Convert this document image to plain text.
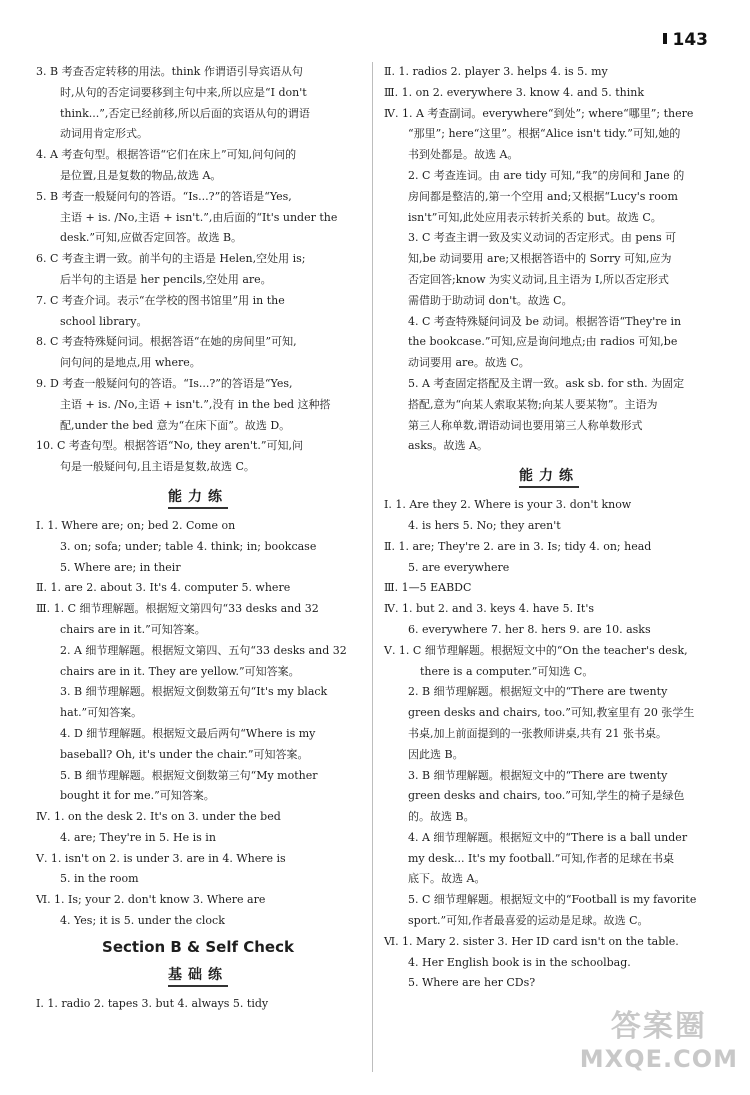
143
3. B 考查否定转移的用法。think 作谓语引导宾语从句
时,从句的否定词要移到主句中来,所以应是“I don't
think...”,否定已经前移,所以后面的宾语从句的谓语
动词用肯定形式。
4. A 考查句型。根据答语“它们在床上”可知,问句问的
是位置,且是复数的物品,故选 A。
5. B 考查一般疑问句的答语。“Is...?”的答语是“Yes,
主语 + is. /No,主语 + isn't.”,由后面的“It's under the
desk.”可知,应做否定回答。故选 B。
6. C 考查主谓一致。前半句的主语是 Helen,空处用 is;
后半句的主语是 her pencils,空处用 are。
7. C 考查介词。表示“在学校的图书馆里”用 in the
school library。
8. C 考查特殊疑问词。根据答语“在她的房间里”可知,
问句问的是地点,用 where。
9. D 考查一般疑问句的答语。“Is...?”的答语是“Yes,
主语 + is. /No,主语 + isn't.”,没有 in the bed 这种搭
配,under the bed 意为“在床下面”。故选 D。
10. C 考查句型。根据答语“No, they aren't.”可知,问
句是一般疑问句,且主语是复数,故选 C。
能力练
Ⅰ. 1. Where are; on; bed 2. Come on
3. on; sofa; under; table 4. think; in; bookcase
5. Where are; in their
Ⅱ. 1. are 2. about 3. It's 4. computer 5. where
Ⅲ. 1. C 细节理解题。根据短文第四句“33 desks and 32
chairs are in it.”可知答案。
2. A 细节理解题。根据短文第四、五句“33 desks and 32
chairs are in it. They are yellow.”可知答案。
3. B 细节理解题。根据短文倒数第五句“It's my black
hat.”可知答案。
4. D 细节理解题。根据短文最后两句“Where is my
baseball? Oh, it's under the chair.”可知答案。
5. B 细节理解题。根据短文倒数第三句“My mother
bought it for me.”可知答案。
Ⅳ. 1. on the desk 2. It's on 3. under the bed
4. are; They're in 5. He is in
Ⅴ. 1. isn't on 2. is under 3. are in 4. Where is
5. in the room
Ⅵ. 1. Is; your 2. don't know 3. Where are
4. Yes; it is 5. under the clock
Section B & Self Check
基础练
Ⅰ. 1. radio 2. tapes 3. but 4. always 5. tidy
Ⅱ. 1. radios 2. player 3. helps 4. is 5. my
Ⅲ. 1. on 2. everywhere 3. know 4. and 5. think
Ⅳ. 1. A 考查副词。everywhere“到处”; where“哪里”; there
“那里”; here“这里”。根据“Alice isn't tidy.”可知,她的
书到处都是。故选 A。
2. C 考查连词。由 are tidy 可知,“我”的房间和 Jane 的
房间都是整洁的,第一个空用 and;又根据“Lucy's room
isn't”可知,此处应用表示转折关系的 but。故选 C。
3. C 考查主谓一致及实义动词的否定形式。由 pens 可
知,be 动词要用 are;又根据答语中的 Sorry 可知,应为
否定回答;know 为实义动词,且主语为 I,所以否定形式
需借助于助动词 don't。故选 C。
4. C 考查特殊疑问词及 be 动词。根据答语“They're in
the bookcase.”可知,应是询问地点;由 radios 可知,be
动词要用 are。故选 C。
5. A 考查固定搭配及主谓一致。ask sb. for sth. 为固定
搭配,意为“向某人索取某物;向某人要某物”。主语为
第三人称单数,谓语动词也要用第三人称单数形式
asks。故选 A。
能力练
Ⅰ. 1. Are they 2. Where is your 3. don't know
4. is hers 5. No; they aren't
Ⅱ. 1. are; They're 2. are in 3. Is; tidy 4. on; head
5. are everywhere
Ⅲ. 1—5 EABDC
Ⅳ. 1. but 2. and 3. keys 4. have 5. It's
6. everywhere 7. her 8. hers 9. are 10. asks
Ⅴ. 1. C 细节理解题。根据短文中的“On the teacher's desk,
there is a computer.”可知选 C。
2. B 细节理解题。根据短文中的“There are twenty
green desks and chairs, too.”可知,教室里有 20 张学生
书桌,加上前面提到的一张教师讲桌,共有 21 张书桌。
因此选 B。
3. B 细节理解题。根据短文中的“There are twenty
green desks and chairs, too.”可知,学生的椅子是绿色
的。故选 B。
4. A 细节理解题。根据短文中的“There is a ball under
my desk... It's my football.”可知,作者的足球在书桌
底下。故选 A。
5. C 细节理解题。根据短文中的“Football is my favorite
sport.”可知,作者最喜爱的运动是足球。故选 C。
Ⅵ. 1. Mary 2. sister 3. Her ID card isn't on the table.
4. Her English book is in the schoolbag.
5. Where are her CDs?
答案圈
MXQE.COM
